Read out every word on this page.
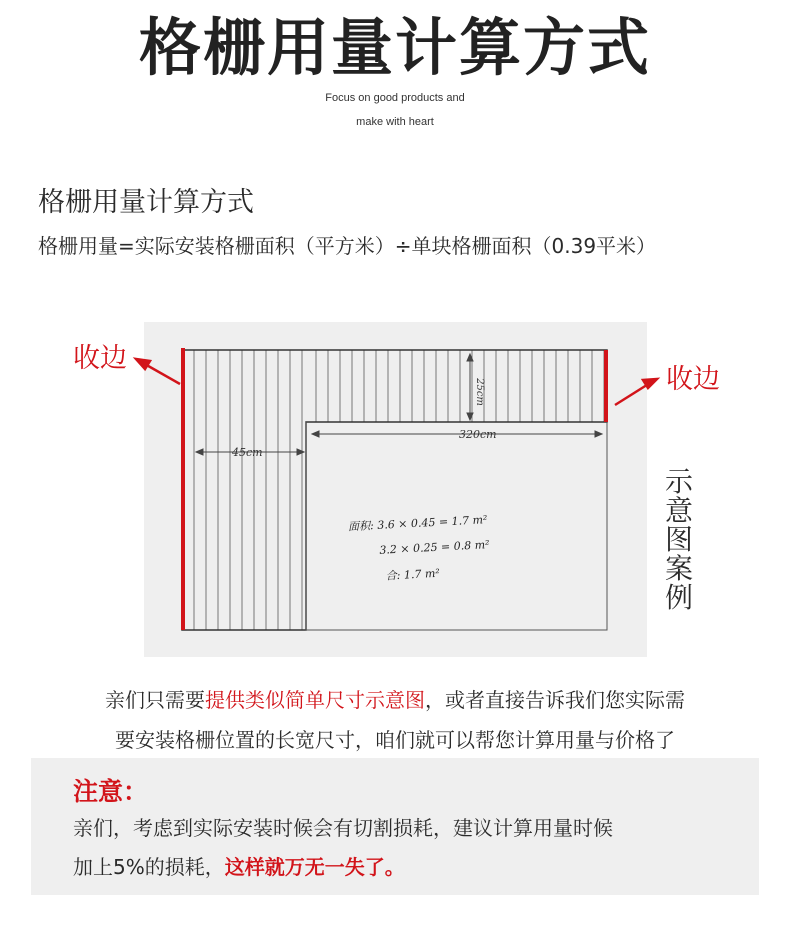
格栅用量计算方式
Focus on good products and
make with heart
格栅用量计算方式
格栅用量=实际安装格栅面积（平方米）÷单块格栅面积（0.39平米）
45cm
320cm
25cm
面积: 3.6 × 0.45 = 1.7 m²
3.2 × 0.25 = 0.8 m²
合: 1.7 m²
收边
收边
示意图案例
亲们只需要提供类似简单尺寸示意图，或者直接告诉我们您实际需
要安装格栅位置的长宽尺寸，咱们就可以帮您计算用量与价格了
注意：
亲们，考虑到实际安装时候会有切割损耗，建议计算用量时候
加上5%的损耗，这样就万无一失了。
